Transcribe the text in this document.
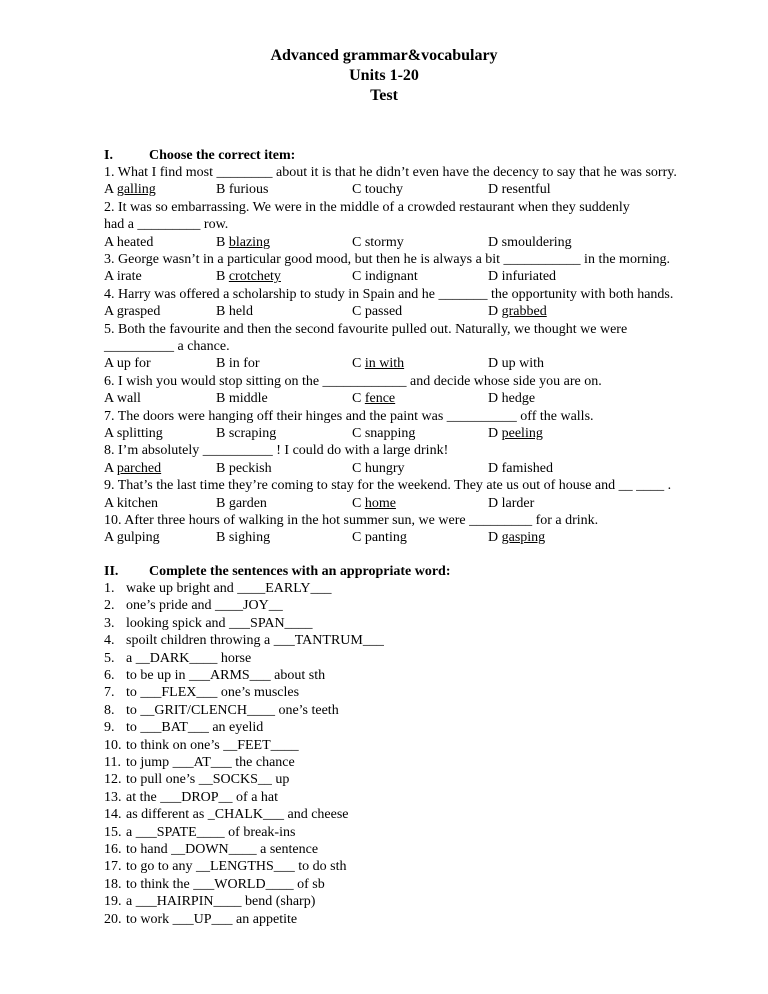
Advanced grammar&vocabulary
Units 1-20
Test
I.	Choose the correct item:
1. What I find most ________ about it is that he didn’t even have the decency to say that he was sorry.
A galling	B furious	C touchy	D resentful
2. It was so embarrassing. We were in the middle of a crowded restaurant when they suddenly
had a _________ row.
A heated	B blazing	C stormy	D smouldering
3. George wasn’t in a particular good mood, but then he is always a bit ___________ in the morning.
A irate	B crotchety	C indignant	D infuriated
4. Harry was offered a scholarship to study in Spain and he _______ the opportunity with both hands.
A grasped	B held	C passed	D grabbed
5. Both the favourite and then the second favourite pulled out. Naturally, we thought we were
__________ a chance.
A up for	B in for	C in with	D up with
6. I wish you would stop sitting on the ____________ and decide whose side you are on.
A wall	B middle	C fence	D hedge
7. The doors were hanging off their hinges and the paint was __________ off the walls.
A splitting	B scraping	C snapping	D peeling
8. I’m absolutely __________ ! I could do with a large drink!
A parched	B peckish	C hungry	D famished
9. That’s the last time they’re coming to stay for the weekend. They ate us out of house and __ ____ .
A kitchen	B garden	C home	D larder
10. After three hours of walking in the hot summer sun, we were _________ for a drink.
A gulping	B sighing	C panting	D gasping
II. Complete the sentences with an appropriate word:
1. wake up bright and ____EARLY___
2. one’s pride and ____JOY__
3. looking spick and ___SPAN____
4. spoilt children throwing a ___TANTRUM___
5. a __DARK____ horse
6. to be up in ___ARMS___ about sth
7. to ___FLEX___ one’s muscles
8. to __GRIT/CLENCH____ one’s teeth
9. to ___BAT___ an eyelid
10. to think on one’s __FEET____
11. to jump ___AT___ the chance
12. to pull one’s __SOCKS__ up
13. at the ___DROP__ of a hat
14. as different as _CHALK___ and cheese
15. a ___SPATE____ of break-ins
16. to hand __DOWN____ a sentence
17. to go to any __LENGTHS___ to do sth
18. to think the ___WORLD____ of sb
19. a ___HAIRPIN____ bend (sharp)
20. to work ___UP___ an appetite
